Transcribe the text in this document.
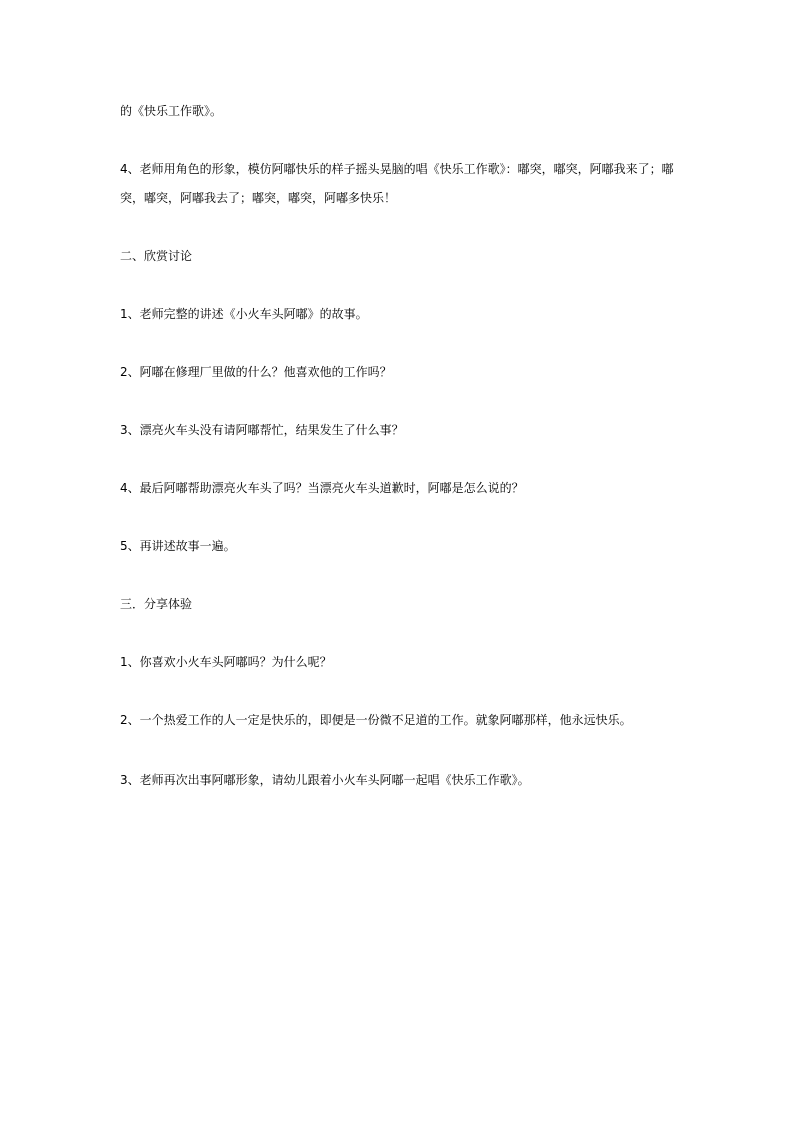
的《快乐工作歌》。
4、老师用角色的形象，模仿阿嘟快乐的样子摇头晃脑的唱《快乐工作歌》：嘟突，嘟突，阿嘟我来了；嘟
突，嘟突，阿嘟我去了；嘟突，嘟突，阿嘟多快乐！
二、欣赏讨论
1、老师完整的讲述《小火车头阿嘟》的故事。
2、阿嘟在修理厂里做的什么？他喜欢他的工作吗？
3、漂亮火车头没有请阿嘟帮忙，结果发生了什么事？
4、最后阿嘟帮助漂亮火车头了吗？当漂亮火车头道歉时，阿嘟是怎么说的？
5、再讲述故事一遍。
三．分享体验
1、你喜欢小火车头阿嘟吗？为什么呢？
2、一个热爱工作的人一定是快乐的，即便是一份微不足道的工作。就象阿嘟那样，他永远快乐。
3、老师再次出事阿嘟形象，请幼儿跟着小火车头阿嘟一起唱《快乐工作歌》。
